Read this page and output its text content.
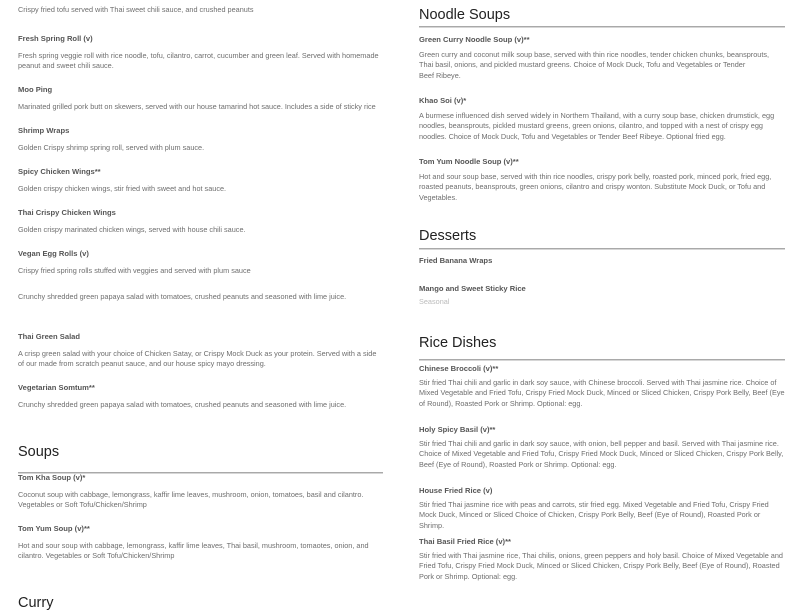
Crispy fried tofu served with Thai sweet chili sauce, and crushed peanuts
Fresh Spring Roll (v)
Fresh spring veggie roll with rice noodle, tofu, cilantro, carrot, cucumber and green leaf. Served with homemade peanut and sweet chili sauce.
Moo Ping
Marinated grilled pork butt on skewers, served with our house tamarind hot sauce. Includes a side of sticky rice
Shrimp Wraps
Golden Crispy shrimp spring roll, served with plum sauce.
Spicy Chicken Wings**
Golden crispy chicken wings, stir fried with sweet and hot sauce.
Thai Crispy Chicken Wings
Golden crispy marinated chicken wings, served with house chili sauce.
Vegan Egg Rolls (v)
Crispy fried spring rolls stuffed with veggies and served with plum sauce
Crunchy shredded green papaya salad with tomatoes, crushed peanuts and seasoned with lime juice.
Thai Green Salad
A crisp green salad with your choice of Chicken Satay, or Crispy Mock Duck as your protein. Served with a side of our made from scratch peanut sauce, and our house spicy mayo dressing.
Vegetarian Somtum**
Crunchy shredded green papaya salad with tomatoes, crushed peanuts and seasoned with lime juice.
Soups
Tom Kha Soup (v)*
Coconut soup with cabbage, lemongrass, kaffir lime leaves, mushroom, onion, tomatoes, basil and cilantro. Vegetables or Soft Tofu/Chicken/Shrimp
Tom Yum Soup (v)**
Hot and sour soup with cabbage, lemongrass, kaffir lime leaves, Thai basil, mushroom, tomaotes, onion, and cilantro. Vegetables or Soft Tofu/Chicken/Shrimp
Curry
Noodle Soups
Green Curry Noodle Soup (v)**
Green curry and coconut milk soup base, served with thin rice noodles, tender chicken chunks, beansprouts, Thai basil, onions, and pickled mustard greens. Choice of Mock Duck, Tofu and Vegetables or Tender
Beef Ribeye.
Khao Soi (v)*
A burmese influenced dish served widely in Northern Thailand, with a curry soup base, chicken drumstick, egg noodles, beansprouts, pickled mustard greens, green onions, cilantro, and topped with a nest of crispy egg noodles. Choice of Mock Duck, Tofu and Vegetables or Tender Beef Ribeye. Optional fried egg.
Tom Yum Noodle Soup (v)**
Hot and sour soup base, served with thin rice noodles, crispy pork belly, roasted pork, minced pork, fried egg, roasted peanuts, beansprouts, green onions, cilantro and crispy wonton. Substitute Mock Duck, or Tofu and Vegetables.
Desserts
Fried Banana Wraps
Mango and Sweet Sticky Rice
Seasonal
Rice Dishes
Chinese Broccoli (v)**
Stir fried Thai chili and garlic in dark soy sauce, with Chinese broccoli. Served with Thai jasmine rice. Choice of Mixed Vegetable and Fried Tofu, Crispy Fried Mock Duck, Minced or Sliced Chicken, Crispy Pork Belly, Beef (Eye of Round), Roasted Pork or Shrimp. Optional: egg.
Holy Spicy Basil (v)**
Stir fried Thai chili and garlic in dark soy sauce, with onion, bell pepper and basil. Served with Thai jasmine rice. Choice of Mixed Vegetable and Fried Tofu, Crispy Fried Mock Duck, Minced or Sliced Chicken, Crispy Pork Belly, Beef (Eye of Round), Roasted Pork or Shrimp. Optional: egg.
House Fried Rice (v)
Stir fried Thai jasmine rice with peas and carrots, stir fried egg. Mixed Vegetable and Fried Tofu, Crispy Fried Mock Duck, Minced or Sliced Choice of Chicken, Crispy Pork Belly, Beef (Eye of Round), Roasted Pork or Shrimp.
Thai Basil Fried Rice (v)**
Stir fried with Thai jasmine rice, Thai chilis, onions, green peppers and holy basil. Choice of Mixed Vegetable and Fried Tofu, Crispy Fried Mock Duck, Minced or Sliced Chicken, Crispy Pork Belly, Beef (Eye of Round), Roasted Pork or Shrimp. Optional: egg.
